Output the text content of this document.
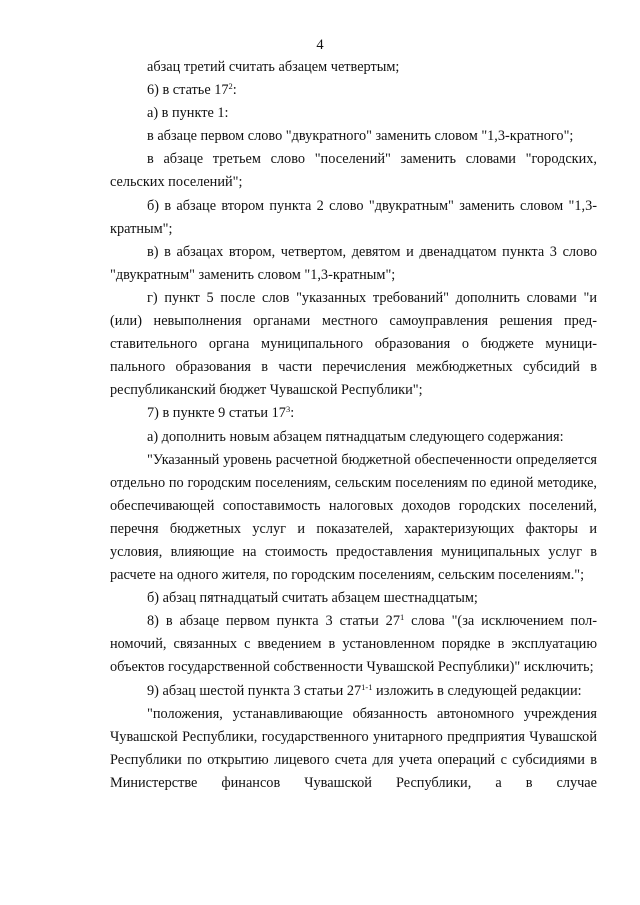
4

абзац третий считать абзацем четвертым;

6) в статье $17^2$:

а) в пункте 1:

в абзаце первом слово "двукратного" заменить словом "1,3-кратного";

в абзаце третьем слово "поселений" заменить словами "городских, сельских поселений";

б) в абзаце втором пункта 2 слово "двукратным" заменить словом "1,3-кратным";

в) в абзацах втором, четвертом, девятом и двенадцатом пункта 3 слово "двукратным" заменить словом "1,3-кратным";

г) пункт 5 после слов "указанных требований" дополнить словами "и (или) невыполнения органами местного самоуправления решения представительного органа муниципального образования о бюджете муниципального образования в части перечисления межбюджетных субсидий в республиканский бюджет Чувашской Республики";

7) в пункте 9 статьи $17^3$:

а) дополнить новым абзацем пятнадцатым следующего содержания:

"Указанный уровень расчетной бюджетной обеспеченности определяется отдельно по городским поселениям, сельским поселениям по единой методике, обеспечивающей сопоставимость налоговых доходов городских поселений, перечня бюджетных услуг и показателей, характеризующих факторы и условия, влияющие на стоимость предоставления муниципальных услуг в расчете на одного жителя, по городским поселениям, сельским поселениям.";

б) абзац пятнадцатый считать абзацем шестнадцатым;

8) в абзаце первом пункта 3 статьи $27^1$ слова "(за исключением полномочий, связанных с введением в установленном порядке в эксплуатацию объектов государственной собственности Чувашской Республики)" исключить;

9) абзац шестой пункта 3 статьи 27$^{1-1}$ изложить в следующей редакции:

"положения, устанавливающие обязанность автономного учреждения Чувашской Республики, государственного унитарного предприятия Чувашской Республики по открытию лицевого счета для учета операций с субсидиями в Министерстве финансов Чувашской Республики, а в случае
